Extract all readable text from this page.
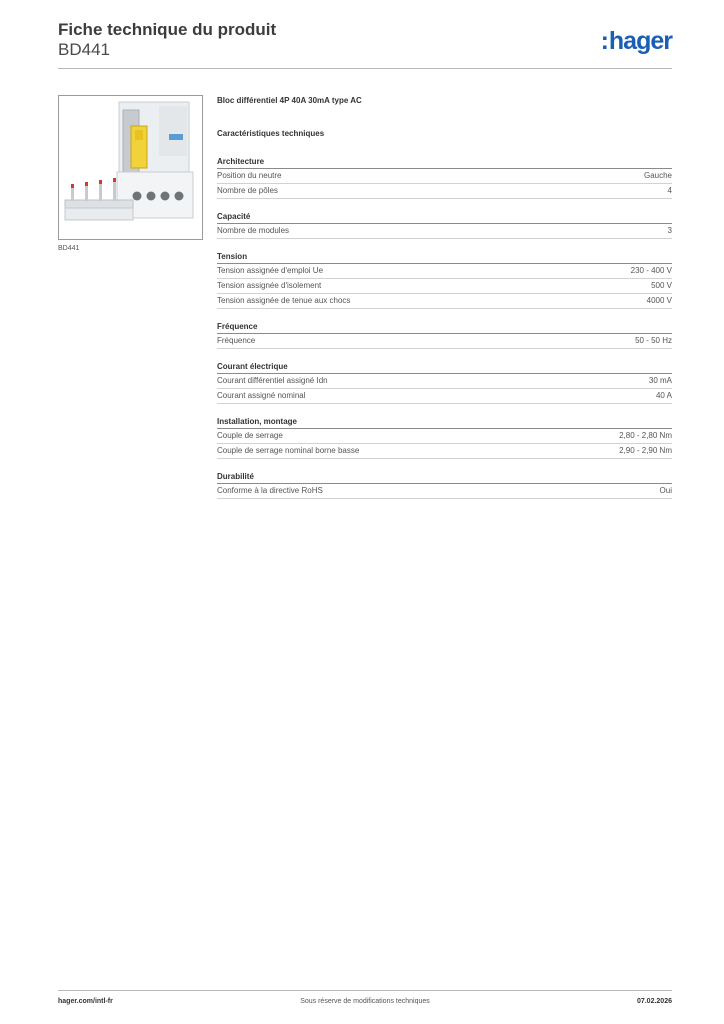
Fiche technique du produit
BD441	:hager
BD441
Bloc différentiel 4P 40A 30mA type AC
Caractéristiques techniques
Architecture
Position du neutre	Gauche
Nombre de pôles	4
Capacité
Nombre de modules	3
Tension
Tension assignée d'emploi Ue	230 - 400 V
Tension assignée d'isolement	500 V
Tension assignée de tenue aux chocs	4000 V
Fréquence
Fréquence	50 - 50 Hz
Courant électrique
Courant différentiel assigné Idn	30 mA
Courant assigné nominal	40 A
Installation, montage
Couple de serrage	2,80 - 2,80 Nm
Couple de serrage nominal borne basse	2,90 - 2,90 Nm
Durabilité
Conforme à la directive RoHS	Oui
hager.com/intl-fr	Sous réserve de modifications techniques	07.02.2026
